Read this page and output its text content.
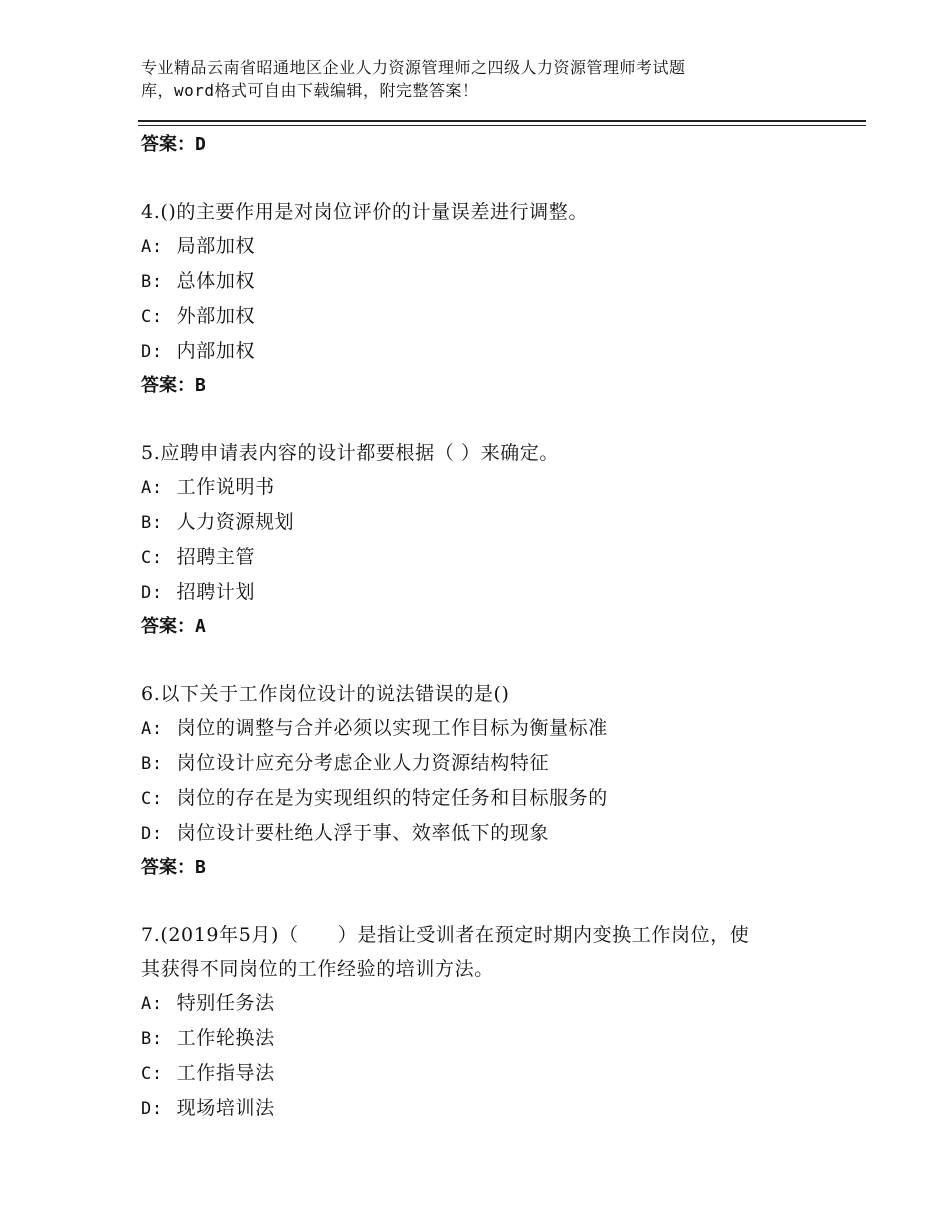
专业精品云南省昭通地区企业人力资源管理师之四级人力资源管理师考试题
库，word格式可自由下载编辑，附完整答案！
答案：D
4.()的主要作用是对岗位评价的计量误差进行调整。
A: 局部加权
B: 总体加权
C: 外部加权
D: 内部加权
答案：B
5.应聘申请表内容的设计都要根据（ ）来确定。
A: 工作说明书
B: 人力资源规划
C: 招聘主管
D: 招聘计划
答案：A
6.以下关于工作岗位设计的说法错误的是()
A: 岗位的调整与合并必须以实现工作目标为衡量标准
B: 岗位设计应充分考虑企业人力资源结构特征
C: 岗位的存在是为实现组织的特定任务和目标服务的
D: 岗位设计要杜绝人浮于事、效率低下的现象
答案：B
7.(2019年5月)（　　）是指让受训者在预定时期内变换工作岗位，使
其获得不同岗位的工作经验的培训方法。
A: 特别任务法
B: 工作轮换法
C: 工作指导法
D: 现场培训法
